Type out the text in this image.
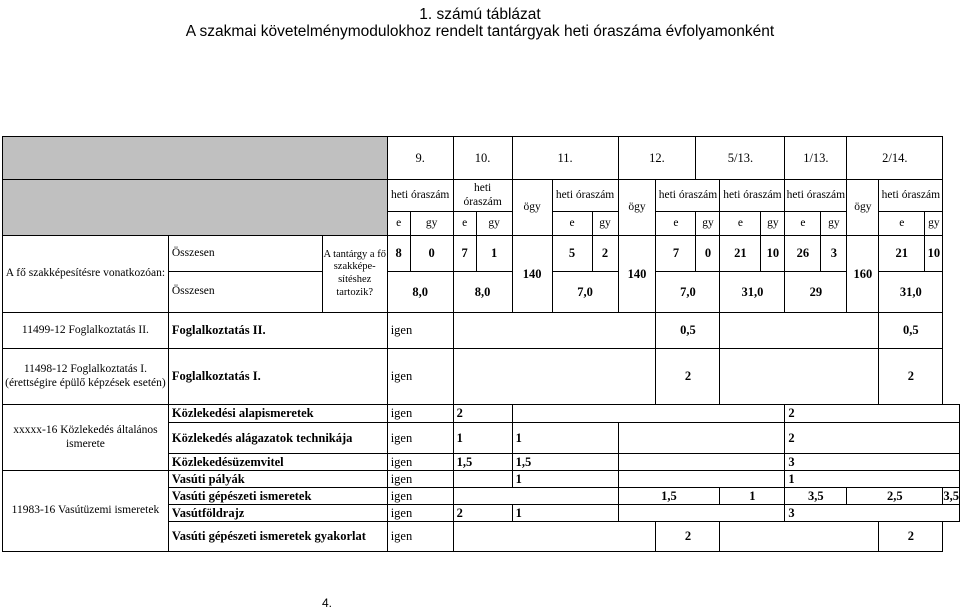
1. számú táblázat
A szakmai követelménymodulokhoz rendelt tantárgyak heti óraszáma évfolyamonként
			9.		10.		11.			12.		5/13.			1/13.		2/14.			
			heti óraszám		heti óraszám		ögy	heti óraszám		ögy	heti óraszám		heti óraszám		heti óraszám		ögy	heti óraszám		
			e	gy	e	gy		e	gy		e	gy	e	gy	e	gy		e	gy	
A fő szakképesítésre vonatkozóan:	Összesen	A tantárgy a fő szakképe-sítéshez tartozik?	8	0	7	1	140	5	2	140	7	0	21	10	26	3	160	21	10	
	Összesen		8,0		8,0			7,0			7,0		31,0		29			31,0		
11499-12 Foglalkoztatás II.	Foglalkoztatás II.		igen								0,5							0,5		
11498-12 Foglalkoztatás I. (érettségire épülő képzések esetén)	Foglalkoztatás I.		igen								2							2		
xxxxx-16 Közlekedés általános ismerete	Közlekedési alapismeretek		igen		2										2					
	Közlekedés alágazatok technikája		igen		1		1								2					
	Közlekedésüzemvitel		igen		1,5		1,5								3					
11983-16 Vasútüzemi ismeretek	Vasúti pályák		igen				1								1					
	Vasúti gépészeti ismeretek		igen							1,5			1		3,5		2,5			3,5
	Vasútföldrajz		igen		2		1								3					
	Vasúti gépészeti ismeretek gyakorlat		igen								2							2		
4.
